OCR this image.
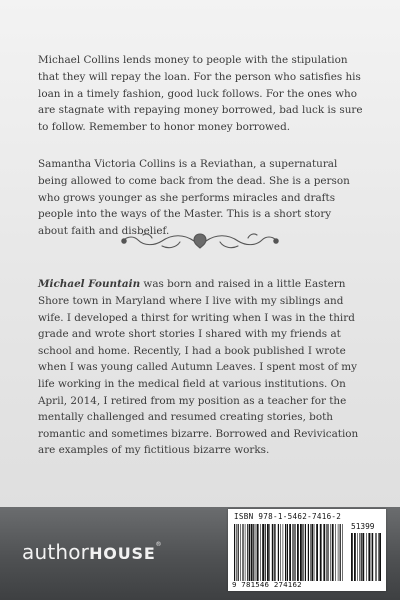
Michael Collins lends money to people with the stipulation that they will repay the loan. For the person who satisfies his loan in a timely fashion, good luck follows. For the ones who are stagnate with repaying money borrowed, bad luck is sure to follow. Remember to honor money borrowed.

Samantha Victoria Collins is a Reviathan, a supernatural being allowed to come back from the dead. She is a person who grows younger as she performs miracles and drafts people into the ways of the Master. This is a short story about faith and disbelief.

Michael Fountain was born and raised in a little Eastern Shore town in Maryland where I live with my siblings and wife. I developed a thirst for writing when I was in the third grade and wrote short stories I shared with my friends at school and home. Recently, I had a book published I wrote when I was young called Autumn Leaves. I spent most of my life working in the medical field at various institutions. On April, 2014, I retired from my position as a teacher for the mentally challenged and resumed creating stories, both romantic and sometimes bizarre. Borrowed and Revivication are examples of my fictitious bizarre works.

authorHOUSE®
ISBN 978-1-5462-7416-2
51399
9 781546 274162
